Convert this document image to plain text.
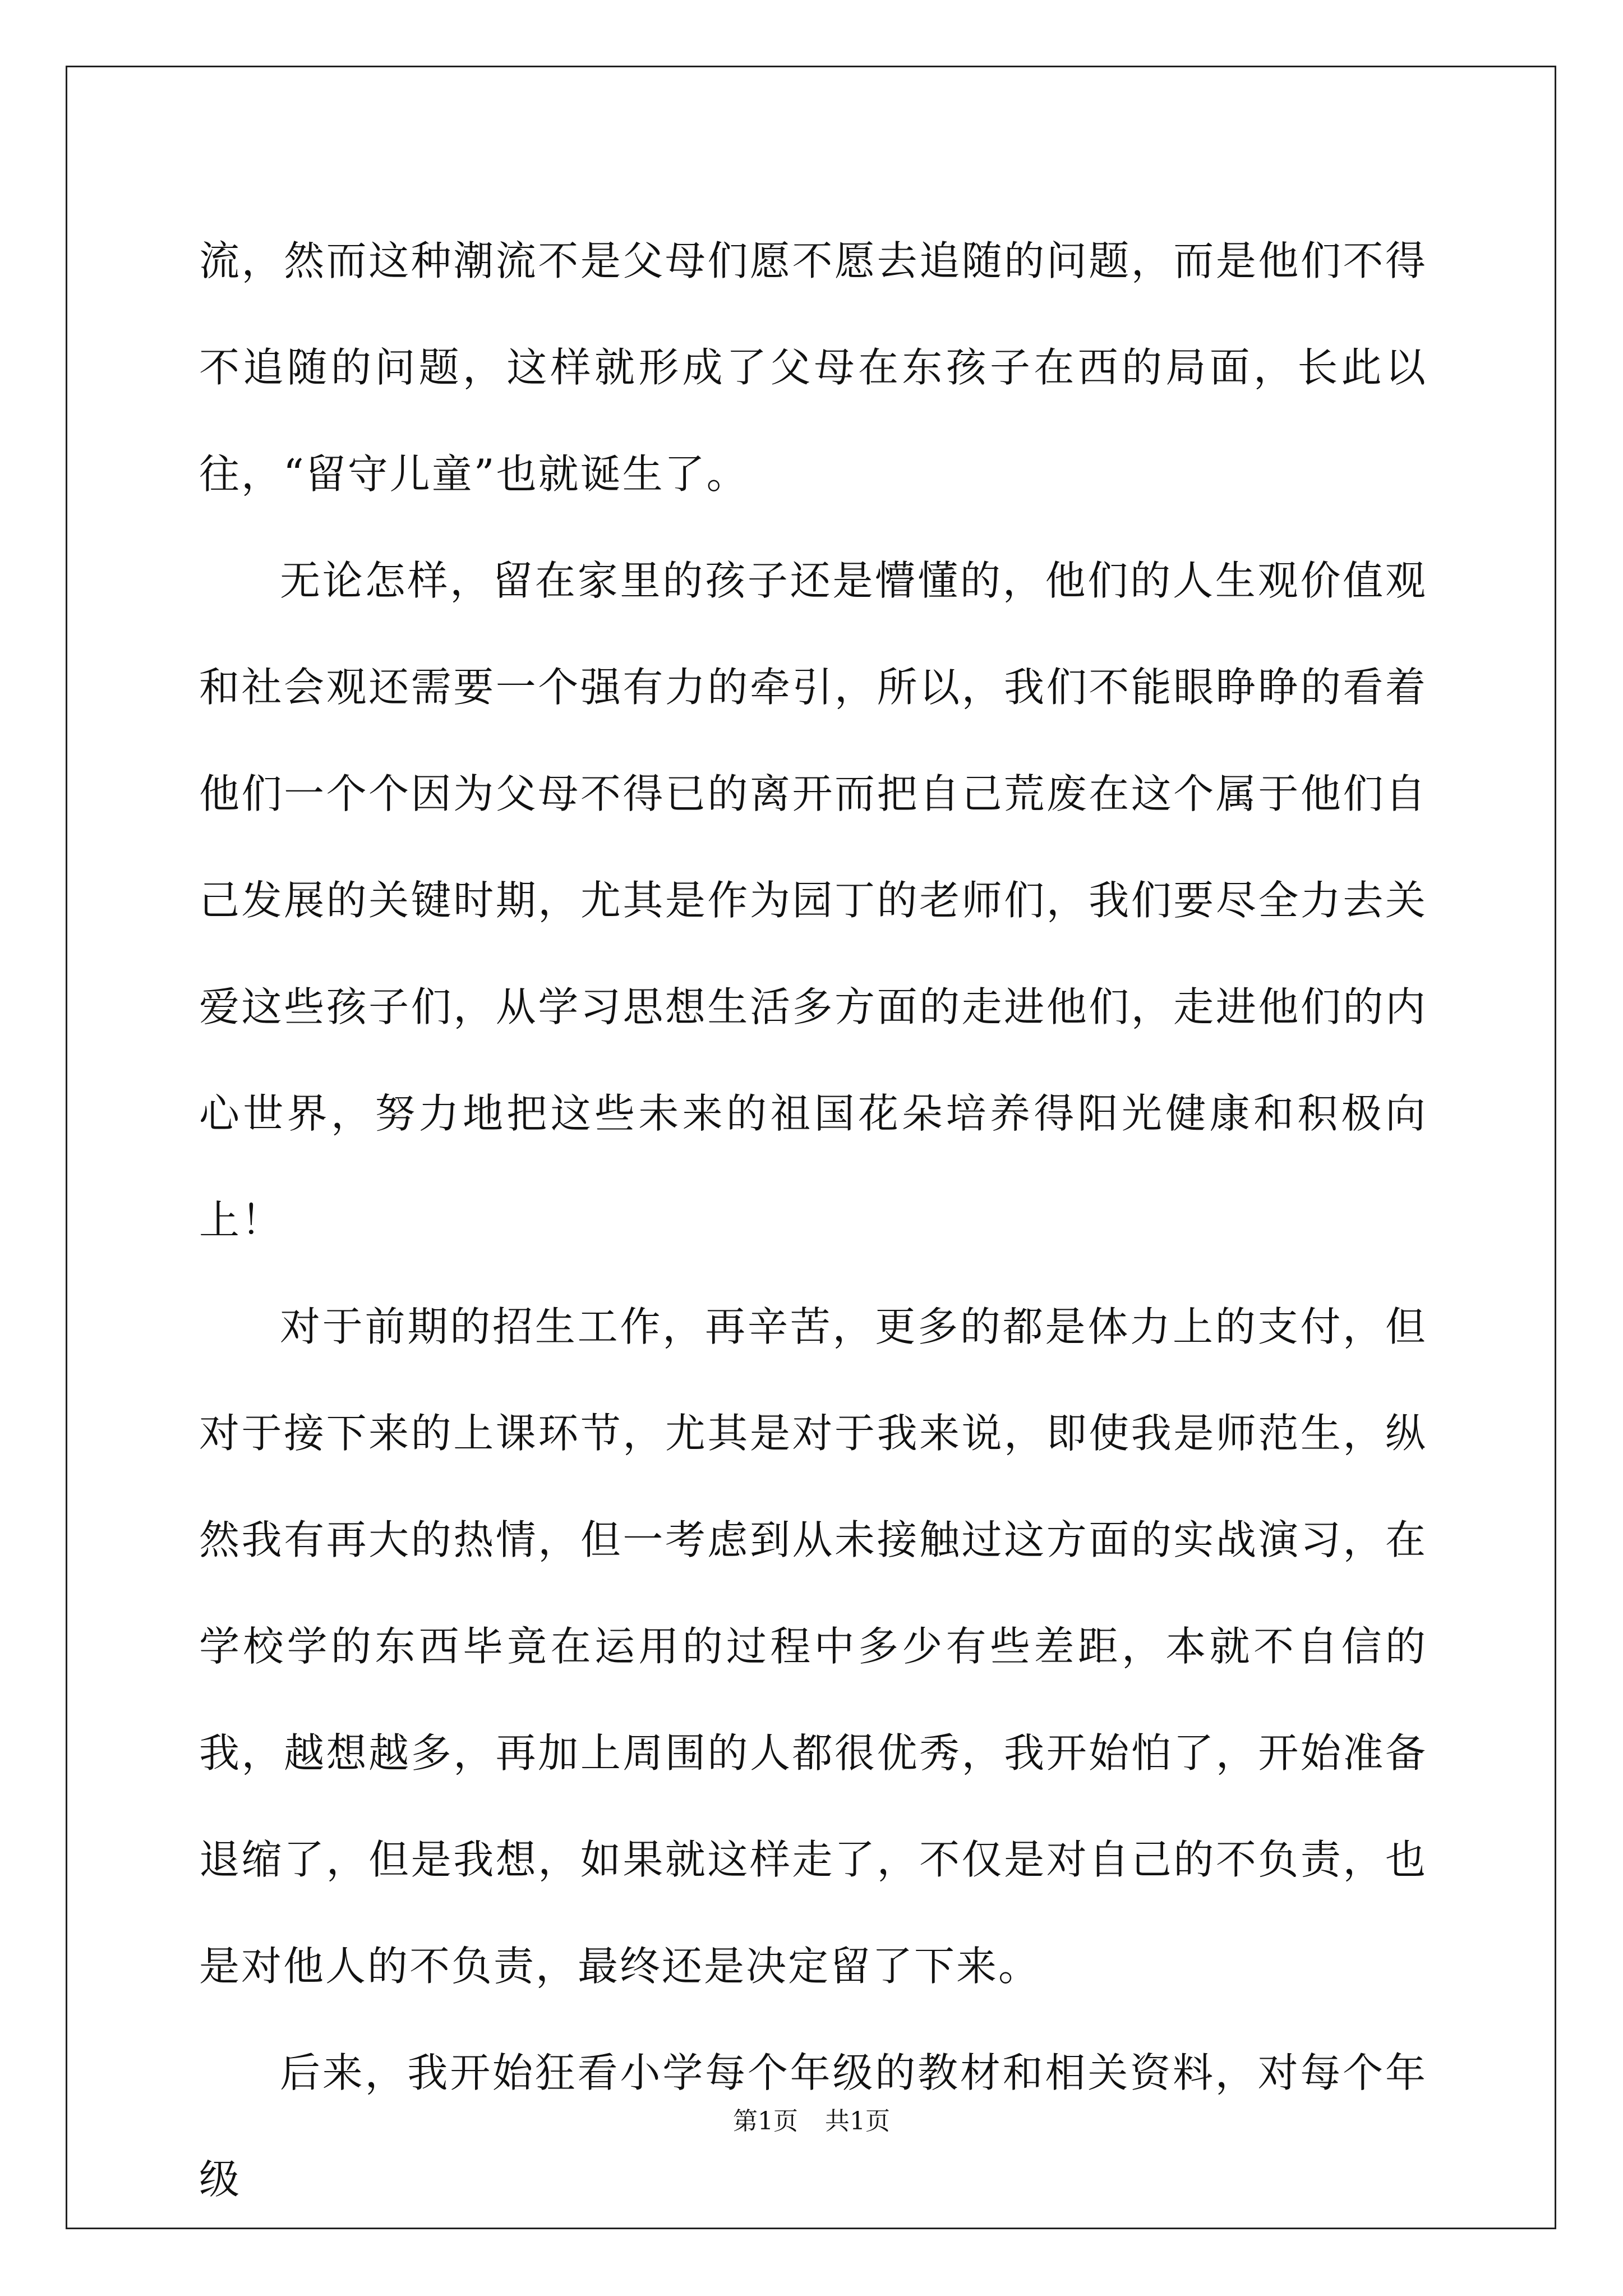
流，然而这种潮流不是父母们愿不愿去追随的问题，而是他们不得不追随的问题，这样就形成了父母在东孩子在西的局面，长此以往，“留守儿童”也就诞生了。

无论怎样，留在家里的孩子还是懵懂的，他们的人生观价值观和社会观还需要一个强有力的牵引，所以，我们不能眼睁睁的看着他们一个个因为父母不得已的离开而把自己荒废在这个属于他们自己发展的关键时期，尤其是作为园丁的老师们，我们要尽全力去关爱这些孩子们，从学习思想生活多方面的走进他们，走进他们的内心世界，努力地把这些未来的祖国花朵培养得阳光健康和积极向上！

对于前期的招生工作，再辛苦，更多的都是体力上的支付，但对于接下来的上课环节，尤其是对于我来说，即使我是师范生，纵然我有再大的热情，但一考虑到从未接触过这方面的实战演习，在学校学的东西毕竟在运用的过程中多少有些差距，本就不自信的我，越想越多，再加上周围的人都很优秀，我开始怕了，开始准备退缩了，但是我想，如果就这样走了，不仅是对自己的不负责，也是对他人的不负责，最终还是决定留了下来。

后来，我开始狂看小学每个年级的教材和相关资料，对每个年级

第1页 共1页
